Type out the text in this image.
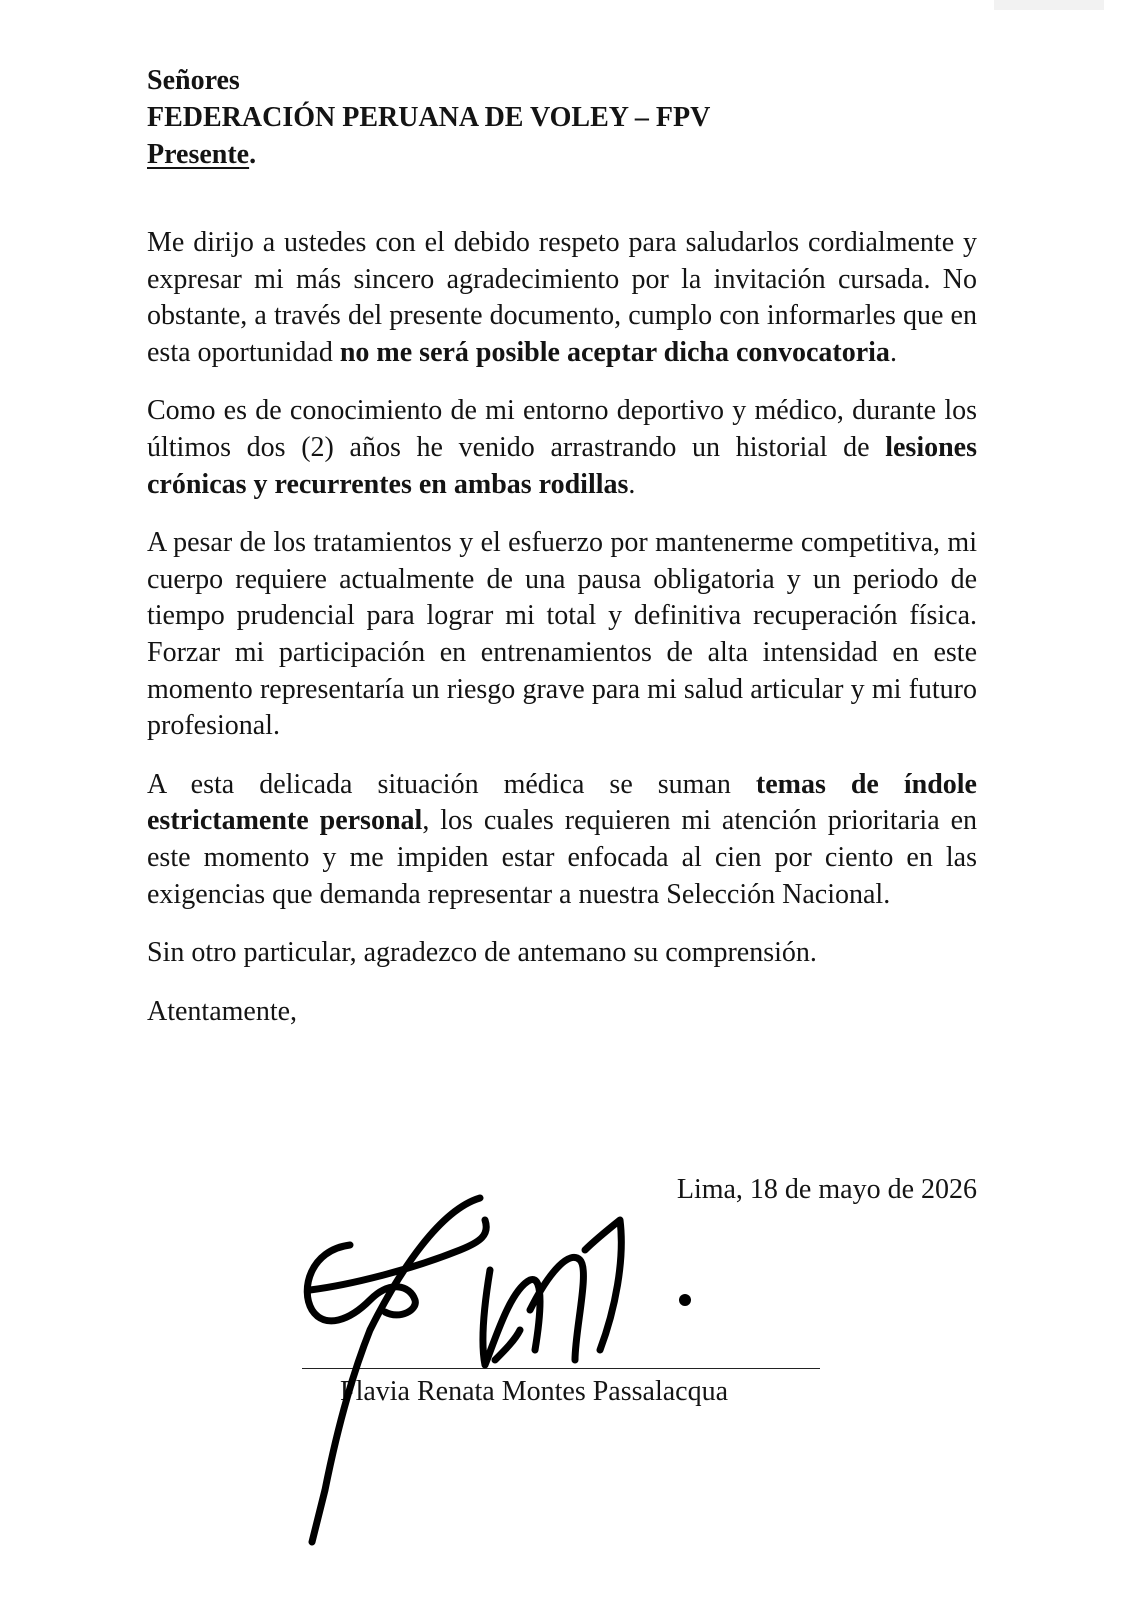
Señores
FEDERACIÓN PERUANA DE VOLEY – FPV
Presente.

Me dirijo a ustedes con el debido respeto para saludarlos cordialmente y expresar mi más sincero agradecimiento por la invitación cursada. No obstante, a través del presente documento, cumplo con informarles que en esta oportunidad no me será posible aceptar dicha convocatoria.

Como es de conocimiento de mi entorno deportivo y médico, durante los últimos dos (2) años he venido arrastrando un historial de lesiones crónicas y recurrentes en ambas rodillas.

A pesar de los tratamientos y el esfuerzo por mantenerme competitiva, mi cuerpo requiere actualmente de una pausa obligatoria y un periodo de tiempo prudencial para lograr mi total y definitiva recuperación física. Forzar mi participación en entrenamientos de alta intensidad en este momento representaría un riesgo grave para mi salud articular y mi futuro profesional.

A esta delicada situación médica se suman temas de índole estrictamente personal, los cuales requieren mi atención prioritaria en este momento y me impiden estar enfocada al cien por ciento en las exigencias que demanda representar a nuestra Selección Nacional.

Sin otro particular, agradezco de antemano su comprensión.

Atentamente,

Lima, 18 de mayo de 2026
Flavia Renata Montes Passalacqua
